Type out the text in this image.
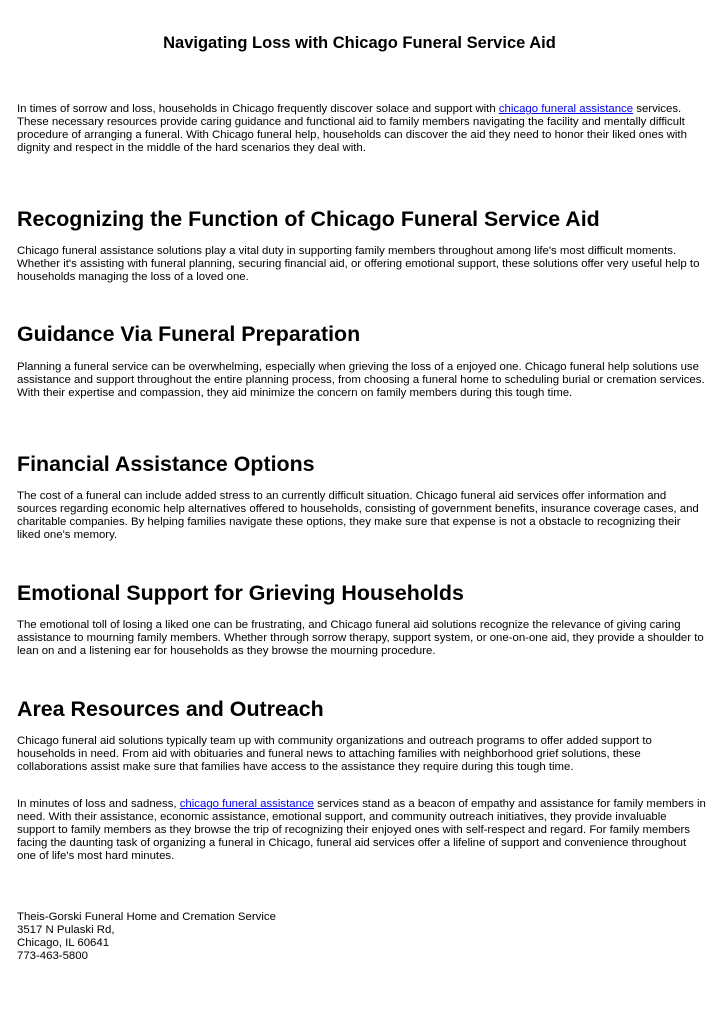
Navigating Loss with Chicago Funeral Service Aid

In times of sorrow and loss, households in Chicago frequently discover solace and support with chicago funeral assistance services. These necessary resources provide caring guidance and functional aid to family members navigating the facility and mentally difficult procedure of arranging a funeral. With Chicago funeral help, households can discover the aid they need to honor their liked ones with dignity and respect in the middle of the hard scenarios they deal with.

Recognizing the Function of Chicago Funeral Service Aid

Chicago funeral assistance solutions play a vital duty in supporting family members throughout among life's most difficult moments. Whether it's assisting with funeral planning, securing financial aid, or offering emotional support, these solutions offer very useful help to households managing the loss of a loved one.

Guidance Via Funeral Preparation

Planning a funeral service can be overwhelming, especially when grieving the loss of a enjoyed one. Chicago funeral help solutions use assistance and support throughout the entire planning process, from choosing a funeral home to scheduling burial or cremation services. With their expertise and compassion, they aid minimize the concern on family members during this tough time.

Financial Assistance Options

The cost of a funeral can include added stress to an currently difficult situation. Chicago funeral aid services offer information and sources regarding economic help alternatives offered to households, consisting of government benefits, insurance coverage cases, and charitable companies. By helping families navigate these options, they make sure that expense is not a obstacle to recognizing their liked one's memory.

Emotional Support for Grieving Households

The emotional toll of losing a liked one can be frustrating, and Chicago funeral aid solutions recognize the relevance of giving caring assistance to mourning family members. Whether through sorrow therapy, support system, or one-on-one aid, they provide a shoulder to lean on and a listening ear for households as they browse the mourning procedure.

Area Resources and Outreach

Chicago funeral aid solutions typically team up with community organizations and outreach programs to offer added support to households in need. From aid with obituaries and funeral news to attaching families with neighborhood grief solutions, these collaborations assist make sure that families have access to the assistance they require during this tough time.

In minutes of loss and sadness, chicago funeral assistance services stand as a beacon of empathy and assistance for family members in need. With their assistance, economic assistance, emotional support, and community outreach initiatives, they provide invaluable support to family members as they browse the trip of recognizing their enjoyed ones with self-respect and regard. For family members facing the daunting task of organizing a funeral in Chicago, funeral aid services offer a lifeline of support and convenience throughout one of life's most hard minutes.

Theis-Gorski Funeral Home and Cremation Service
3517 N Pulaski Rd,
Chicago, IL 60641
773-463-5800
